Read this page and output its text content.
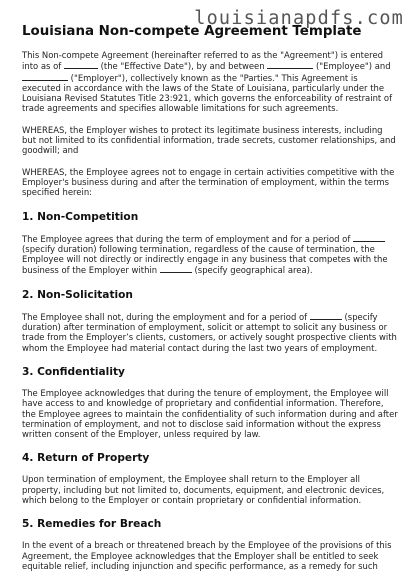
louisianapdfs.com
Louisiana Non-compete Agreement Template

This Non-compete Agreement (hereinafter referred to as the "Agreement") is entered into as of	(the "Effective Date"), by and between	("Employee") and  ("Employer"), collectively known as the "Parties." This Agreement is executed in accordance with the laws of the State of Louisiana, particularly under the Louisiana Revised Statutes Title 23:921, which governs the enforceability of restraint of trade agreements and specifies allowable limitations for such agreements.

WHEREAS, the Employer wishes to protect its legitimate business interests, including but not limited to its confidential information, trade secrets, customer relationships, and goodwill; and

WHEREAS, the Employee agrees not to engage in certain activities competitive with the Employer's business during and after the termination of employment, within the terms specified herein:

1. Non-Competition

The Employee agrees that during the term of employment and for a period of  (specify duration) following termination, regardless of the cause of termination, the Employee will not directly or indirectly engage in any business that competes with the business of the Employer within	(specify geographical area).

2. Non-Solicitation

The Employee shall not, during the employment and for a period of	(specify duration) after termination of employment, solicit or attempt to solicit any business or trade from the Employer’s clients, customers, or actively sought prospective clients with whom the Employee had material contact during the last two years of employment.

3. Confidentiality

The Employee acknowledges that during the tenure of employment, the Employee will have access to and knowledge of proprietary and confidential information. Therefore, the Employee agrees to maintain the confidentiality of such information during and after termination of employment, and not to disclose said information without the express written consent of the Employer, unless required by law.

4. Return of Property

Upon termination of employment, the Employee shall return to the Employer all property, including but not limited to, documents, equipment, and electronic devices, which belong to the Employer or contain proprietary or confidential information.

5. Remedies for Breach

In the event of a breach or threatened breach by the Employee of the provisions of this Agreement, the Employee acknowledges that the Employer shall be entitled to seek equitable relief, including injunction and specific performance, as a remedy for such
